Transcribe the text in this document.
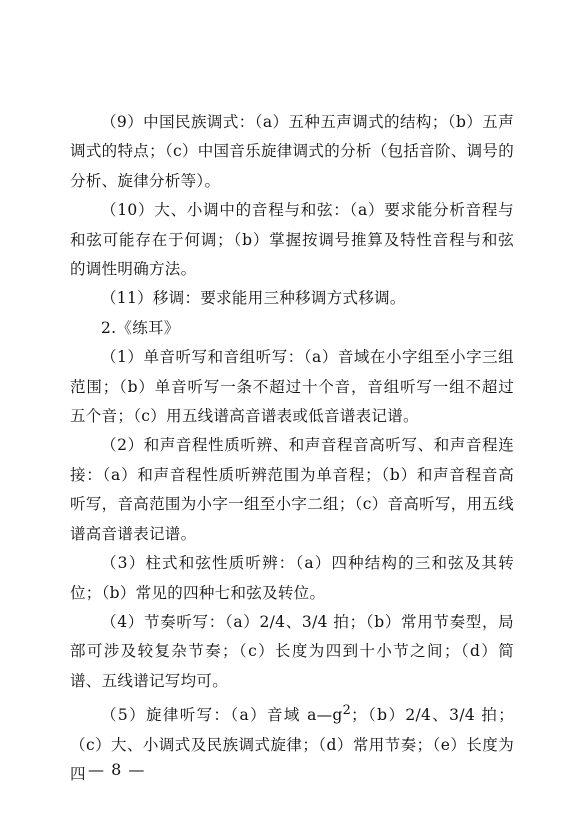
（9）中国民族调式：（a）五种五声调式的结构；（b）五声调式的特点；（c）中国音乐旋律调式的分析（包括音阶、调号的分析、旋律分析等）。

（10）大、小调中的音程与和弦：（a）要求能分析音程与和弦可能存在于何调；（b）掌握按调号推算及特性音程与和弦的调性明确方法。

（11）移调：要求能用三种移调方式移调。

2.《练耳》

（1）单音听写和音组听写：（a）音域在小字组至小字三组范围；（b）单音听写一条不超过十个音，音组听写一组不超过五个音；（c）用五线谱高音谱表或低音谱表记谱。

（2）和声音程性质听辨、和声音程音高听写、和声音程连接：（a）和声音程性质听辨范围为单音程；（b）和声音程音高听写，音高范围为小字一组至小字二组；（c）音高听写，用五线谱高音谱表记谱。

（3）柱式和弦性质听辨：（a）四种结构的三和弦及其转位；（b）常见的四种七和弦及转位。

（4）节奏听写：（a）2/4、3/4 拍；（b）常用节奏型，局部可涉及较复杂节奏；（c）长度为四到十小节之间；（d）简谱、五线谱记写均可。

（5）旋律听写：（a）音域 $a—g^2$；（b）2/4、3/4 拍；（c）大、小调式及民族调式旋律；（d）常用节奏；（e）长度为四 — 8 —
